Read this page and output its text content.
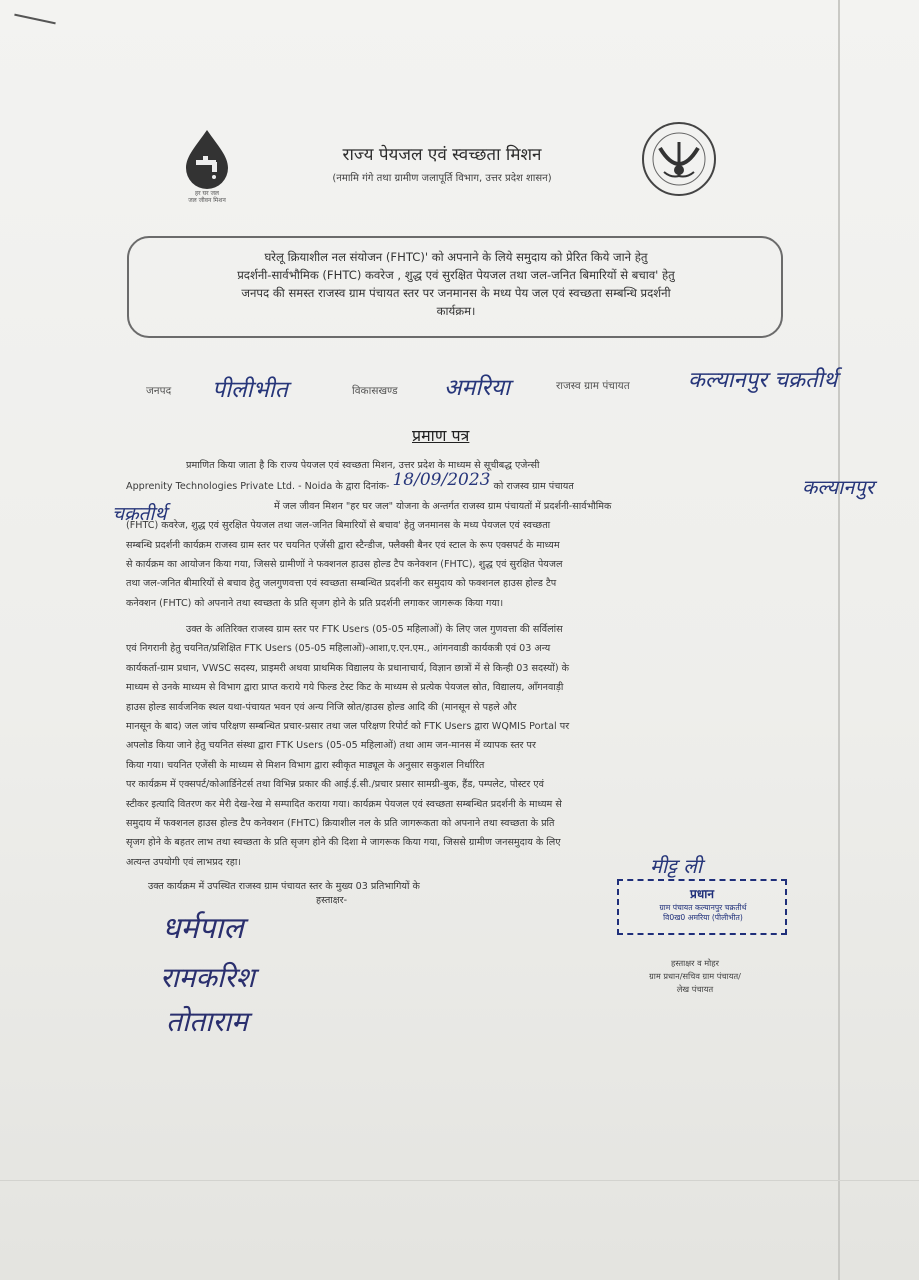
हर घर जल
जल जीवन मिशन
राज्य पेयजल एवं स्वच्छता मिशन
(नमामि गंगे तथा ग्रामीण जलापूर्ति विभाग, उत्तर प्रदेश शासन)
घरेलू क्रियाशील नल संयोजन (FHTC)' को अपनाने के लिये समुदाय को प्रेरित किये जाने हेतु
प्रदर्शनी-सार्वभौमिक (FHTC) कवरेज , शुद्ध एवं सुरक्षित पेयजल तथा जल-जनित बिमारियों से बचाव' हेतु
जनपद की समस्त राजस्व ग्राम पंचायत स्तर पर जनमानस के मध्य पेय जल एवं स्वच्छता सम्बन्धि प्रदर्शनी
कार्यक्रम।
जनपद पीलीभीत	विकासखण्ड अमरिया	राजस्व ग्राम पंचायत	कल्यानपुर चक्रतीर्थ
प्रमाण पत्र
प्रमाणित किया जाता है कि राज्य पेयजल एवं स्वच्छता मिशन, उत्तर प्रदेश के माध्यम से सूचीबद्ध एजेन्सी
Apprenity Technologies Private Ltd. - Noida के द्वारा दिनांक- 18/09/2023 को राजस्व ग्राम पंचायत
में जल जीवन मिशन "हर घर जल" योजना के अन्तर्गत राजस्व ग्राम पंचायतों में प्रदर्शनी-सार्वभौमिक
(FHTC) कवरेज, शुद्ध एवं सुरक्षित पेयजल तथा जल-जनित बिमारियों से बचाव' हेतु जनमानस के मध्य पेयजल एवं स्वच्छता
सम्बन्धि प्रदर्शनी कार्यक्रम राजस्व ग्राम स्तर पर चयनित एजेंसी द्वारा स्टैन्डीज, फ्लैक्सी बैनर एवं स्टाल के रूप एक्सपर्ट के माध्यम
से कार्यक्रम का आयोजन किया गया, जिससे ग्रामीणों ने फक्शनल हाउस होल्ड टैप कनेक्शन (FHTC), शुद्ध एवं सुरक्षित पेयजल
तथा जल-जनित बीमारियों से बचाव हेतु जलगुणवत्ता एवं स्वच्छता सम्बन्धित प्रदर्शनी कर समुदाय को फक्शनल हाउस होल्ड टैप
कनेक्शन (FHTC) को अपनाने तथा स्वच्छता के प्रति सृजग होने के प्रति प्रदर्शनी लगाकर जागरूक किया गया।
कल्यानपुर
चक्रतीर्थ
उक्त के अतिरिक्त राजस्व ग्राम स्तर पर FTK Users (05-05 महिलाओं) के लिए जल गुणवत्ता की सर्विलांस
एवं निगरानी हेतु चयनित/प्रशिक्षित FTK Users (05-05 महिलाओं)-आशा,ए.एन.एम., आंगनवाडी कार्यकत्री एवं 03 अन्य
कार्यकर्ता-ग्राम प्रधान, VWSC सदस्य, प्राइमरी अथवा प्राथमिक विद्यालय के प्रधानाचार्य, विज्ञान छात्रों में से किन्ही 03 सदस्यों) के
माध्यम से उनके माध्यम से विभाग द्वारा प्राप्त कराये गये फिल्ड टेस्ट किट के माध्यम से प्रत्येक पेयजल स्रोत, विद्यालय, आँगनवाड़ी
हाउस होल्ड सार्वजनिक स्थल यथा-पंचायत भवन एवं अन्य निजि स्रोत/हाउस होल्ड आदि की (मानसून से पहले और
मानसून के बाद) जल जांच परिक्षण सम्बन्धित प्रचार-प्रसार तथा जल परिक्षण रिपोर्ट को FTK Users द्वारा WQMIS Portal पर
अपलोड किया जाने हेतु चयनित संस्था द्वारा FTK Users (05-05 महिलाओं) तथा आम जन-मानस में व्यापक स्तर पर
किया गया। चयनित एजेंसी के माध्यम से मिशन विभाग द्वारा स्वीकृत माड्यूल के अनुसार सकुशल निर्धारित
पर कार्यक्रम में एक्सपर्ट/कोआर्डिनेटर्स तथा विभिन्न प्रकार की आई.ई.सी./प्रचार प्रसार सामग्री-बुक, हैंड, पम्पलेट, पोस्टर एवं
स्टीकर इत्यादि वितरण कर मेरी देख-रेख मे सम्पादित कराया गया। कार्यक्रम पेयजल एवं स्वच्छता सम्बन्धित प्रदर्शनी के माध्यम से
समुदाय में फक्शनल हाउस होल्ड टैप कनेक्शन (FHTC) क्रियाशील नल के प्रति जागरूकता को अपनाने तथा स्वच्छता के प्रति
सृजग होने के बहतर लाभ तथा स्वच्छता के प्रति सृजग होने की दिशा मे जागरूक किया गया, जिससे ग्रामीण जनसमुदाय के लिए
अत्यन्त उपयोगी एवं लाभप्रद रहा।
उक्त कार्यक्रम में उपस्थित राजस्व ग्राम पंचायत स्तर के मुख्य 03 प्रतिभागियों के
हस्ताक्षर-
धर्मपाल
रामकरिश
तोताराम
मीट्ट ली
प्रधान
ग्राम पंचायत कल्यानपुर चक्रतीर्थ
वि0ख0 अमरिया (पीलीभीत)
हस्ताक्षर व मोहर
ग्राम प्रधान/सचिव ग्राम पंचायत/
लेख पंचायत
